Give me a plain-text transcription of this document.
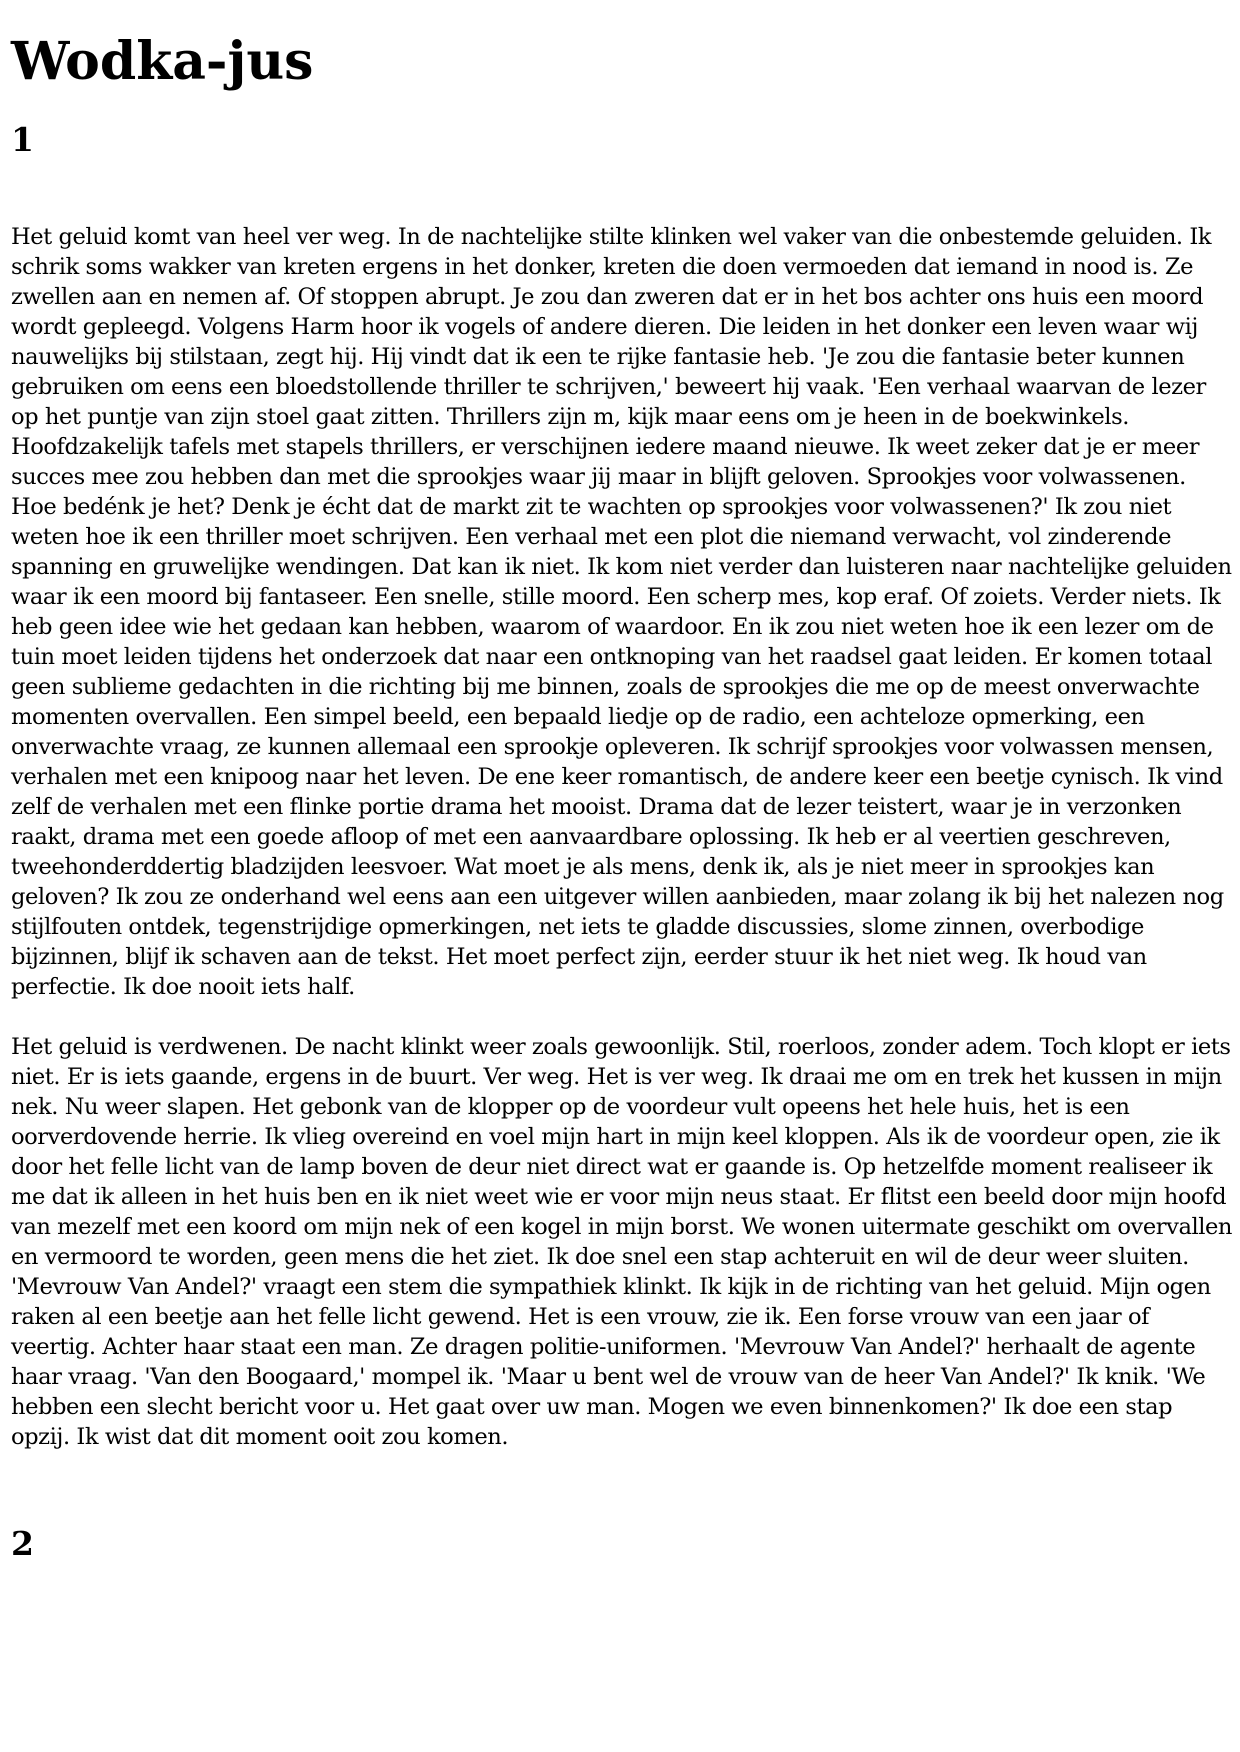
Wodka-jus
1

Het geluid komt van heel ver weg. In de nachtelijke stilte klinken wel vaker van die onbestemde geluiden. Ik schrik soms wakker van kreten ergens in het donker, kreten die doen vermoeden dat iemand in nood is. Ze zwellen aan en nemen af. Of stoppen abrupt. Je zou dan zweren dat er in het bos achter ons huis een moord wordt gepleegd. Volgens Harm hoor ik vogels of andere dieren. Die leiden in het donker een leven waar wij nauwelijks bij stilstaan, zegt hij. Hij vindt dat ik een te rijke fantasie heb. 'Je zou die fantasie beter kunnen gebruiken om eens een bloedstollende thriller te schrijven,' beweert hij vaak. 'Een verhaal waarvan de lezer op het puntje van zijn stoel gaat zitten. Thrillers zijn m, kijk maar eens om je heen in de boekwinkels. Hoofdzakelijk tafels met stapels thrillers, er verschijnen iedere maand nieuwe. Ik weet zeker dat je er meer succes mee zou hebben dan met die sprookjes waar jij maar in blijft geloven. Sprookjes voor volwassenen. Hoe bedénk je het? Denk je écht dat de markt zit te wachten op sprookjes voor volwassenen?' Ik zou niet weten hoe ik een thriller moet schrijven. Een verhaal met een plot die niemand verwacht, vol zinderende spanning en gruwelijke wendingen. Dat kan ik niet. Ik kom niet verder dan luisteren naar nachtelijke geluiden waar ik een moord bij fantaseer. Een snelle, stille moord. Een scherp mes, kop eraf. Of zoiets. Verder niets. Ik heb geen idee wie het gedaan kan hebben, waarom of waardoor. En ik zou niet weten hoe ik een lezer om de tuin moet leiden tijdens het onderzoek dat naar een ontknoping van het raadsel gaat leiden. Er komen totaal geen sublieme gedachten in die richting bij me binnen, zoals de sprookjes die me op de meest onverwachte momenten overvallen. Een simpel beeld, een bepaald liedje op de radio, een achteloze opmerking, een onverwachte vraag, ze kunnen allemaal een sprookje opleveren. Ik schrijf sprookjes voor volwassen mensen, verhalen met een knipoog naar het leven. De ene keer romantisch, de andere keer een beetje cynisch. Ik vind zelf de verhalen met een flinke portie drama het mooist. Drama dat de lezer teistert, waar je in verzonken raakt, drama met een goede afloop of met een aanvaardbare oplossing. Ik heb er al veertien geschreven, tweehonderddertig bladzijden leesvoer. Wat moet je als mens, denk ik, als je niet meer in sprookjes kan geloven? Ik zou ze onderhand wel eens aan een uitgever willen aanbieden, maar zolang ik bij het nalezen nog stijlfouten ontdek, tegenstrijdige opmerkingen, net iets te gladde discussies, slome zinnen, overbodige bijzinnen, blijf ik schaven aan de tekst. Het moet perfect zijn, eerder stuur ik het niet weg. Ik houd van perfectie. Ik doe nooit iets half.

Het geluid is verdwenen. De nacht klinkt weer zoals gewoonlijk. Stil, roerloos, zonder adem. Toch klopt er iets niet. Er is iets gaande, ergens in de buurt. Ver weg. Het is ver weg. Ik draai me om en trek het kussen in mijn nek. Nu weer slapen. Het gebonk van de klopper op de voordeur vult opeens het hele huis, het is een oorverdovende herrie. Ik vlieg overeind en voel mijn hart in mijn keel kloppen. Als ik de voordeur open, zie ik door het felle licht van de lamp boven de deur niet direct wat er gaande is. Op hetzelfde moment realiseer ik me dat ik alleen in het huis ben en ik niet weet wie er voor mijn neus staat. Er flitst een beeld door mijn hoofd van mezelf met een koord om mijn nek of een kogel in mijn borst. We wonen uitermate geschikt om overvallen en vermoord te worden, geen mens die het ziet. Ik doe snel een stap achteruit en wil de deur weer sluiten. 'Mevrouw Van Andel?' vraagt een stem die sympathiek klinkt. Ik kijk in de richting van het geluid. Mijn ogen raken al een beetje aan het felle licht gewend. Het is een vrouw, zie ik. Een forse vrouw van een jaar of veertig. Achter haar staat een man. Ze dragen politie-uniformen. 'Mevrouw Van Andel?' herhaalt de agente haar vraag. 'Van den Boogaard,' mompel ik. 'Maar u bent wel de vrouw van de heer Van Andel?' Ik knik. 'We hebben een slecht bericht voor u. Het gaat over uw man. Mogen we even binnenkomen?' Ik doe een stap opzij. Ik wist dat dit moment ooit zou komen.

2
